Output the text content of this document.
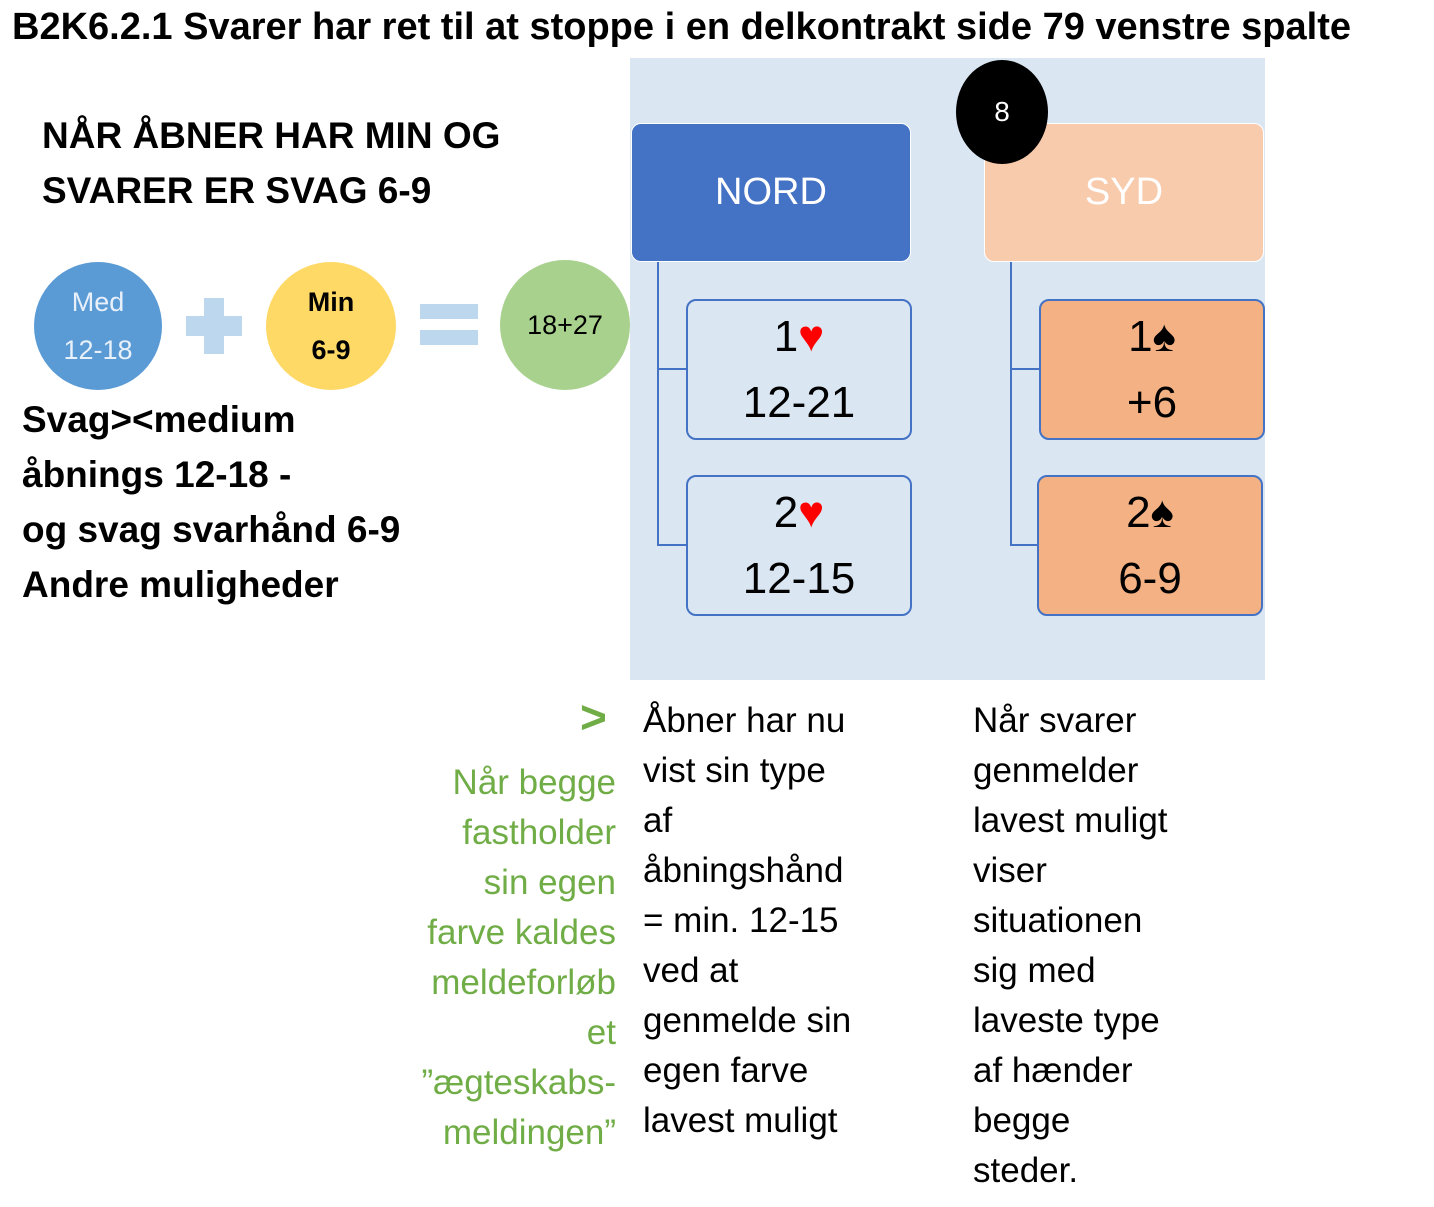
B2K6.2.1 Svarer har ret til at stoppe i en delkontrakt side 79 venstre spalte
NÅR ÅBNER HAR MIN OG
SVARER ER SVAG 6-9
Med
12-18
Min
6-9
18+27
Svag><medium
åbnings 12-18 -
og svag svarhånd 6-9
Andre muligheder
NORD	SYD
8
1♥
12-21
2♥
12-15
1♠
+6
2♠
6-9
>
Når begge
fastholder
sin egen
farve kaldes
meldeforløb
et
”ægteskabs-
meldingen”
Åbner har nu
vist sin type
af
åbningshånd
= min. 12-15
ved at
genmelde sin
egen farve
lavest muligt
Når svarer
genmelder
lavest muligt
viser
situationen
sig med
laveste type
af hænder
begge
steder.
